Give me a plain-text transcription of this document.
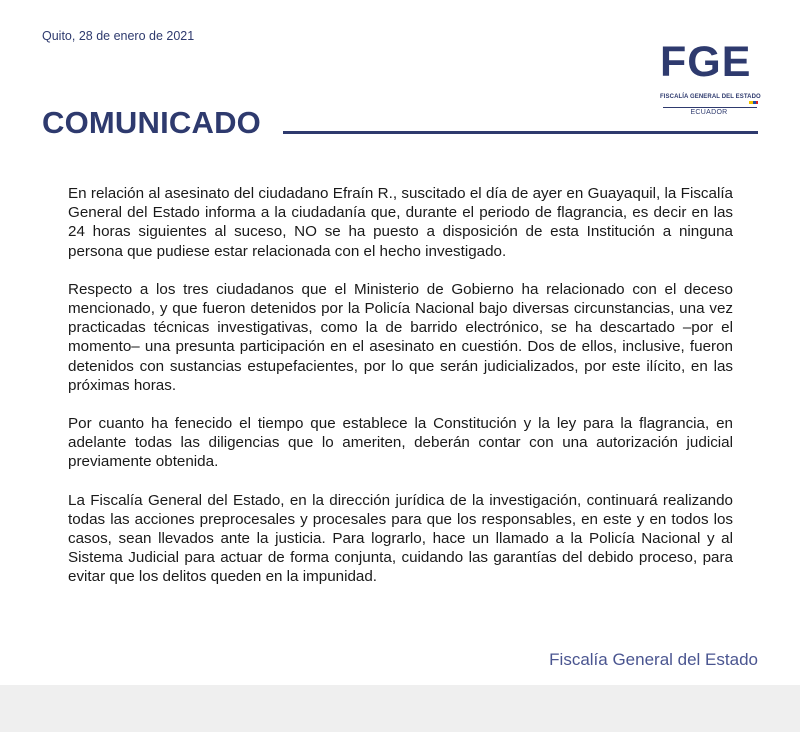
Quito, 28 de enero de 2021
FGE
FISCALÍA GENERAL DEL ESTADO
ECUADOR
COMUNICADO

En relación al asesinato del ciudadano Efraín R., suscitado el día de ayer en Guayaquil, la Fiscalía General del Estado informa a la ciudadanía que, durante el periodo de flagrancia, es decir en las 24 horas siguientes al suceso, NO se ha puesto a disposición de esta Institución a ninguna persona que pudiese estar relacionada con el hecho investigado.

Respecto a los tres ciudadanos que el Ministerio de Gobierno ha relacionado con el deceso mencionado, y que fueron detenidos por la Policía Nacional bajo diversas circunstancias, una vez practicadas técnicas investigativas, como la de barrido electrónico, se ha descartado –por el momento– una presunta participación en el asesinato en cuestión. Dos de ellos, inclusive, fueron detenidos con sustancias estupefacientes, por lo que serán judicializados, por este ilícito, en las próximas horas.

Por cuanto ha fenecido el tiempo que establece la Constitución y la ley para la flagrancia, en adelante todas las diligencias que lo ameriten, deberán contar con una autorización judicial previamente obtenida.

La Fiscalía General del Estado, en la dirección jurídica de la investigación, continuará realizando todas las acciones preprocesales y procesales para que los responsables, en este y en todos los casos, sean llevados ante la justicia. Para lograrlo, hace un llamado a la Policía Nacional y al Sistema Judicial para actuar de forma conjunta, cuidando las garantías del debido proceso, para evitar que los delitos queden en la impunidad.

Fiscalía General del Estado
